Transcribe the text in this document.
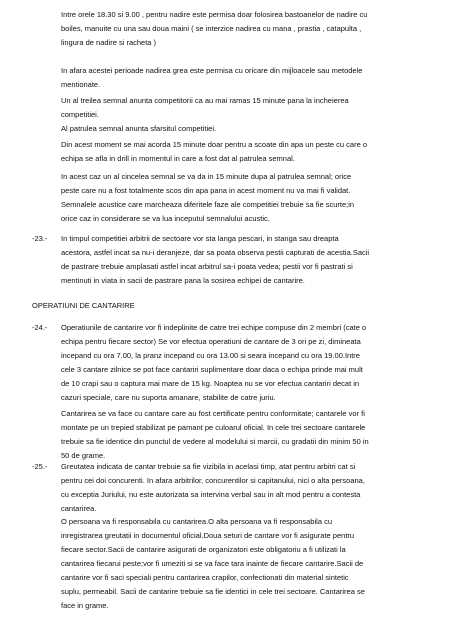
Intre orele 18.30 si 9.00 , pentru nadire este permisa doar folosirea bastoanelor de nadire cu
boiles, manuite cu una sau doua maini ( se interzice nadirea cu mana , prastia , catapulta ,
lingura de nadire si racheta )
In afara acestei perioade nadirea grea este permisa cu oricare din mijloacele sau metodele
mentionate.
Un al treilea semnal anunta competitorii ca au mai ramas 15 minute pana la incheierea
competitiei.
Al patrulea semnal anunta sfarsitul competitiei.
Din acest moment se mai acorda 15 minute doar pentru a scoate din apa un peste cu care o
echipa se afla in drill in momentul in care a fost dat al patrulea semnal.
In acest caz un al cincelea semnal se va da in 15 minute dupa al patrulea semnal; orice
peste care nu a fost totalmente scos din apa pana in acest moment nu va mai fi validat.
Semnalele acustice care marcheaza diferitele faze ale competitiei trebuie sa fie scurte;in
orice caz in considerare se va lua inceputul semnalului acustic.
In timpul competitiei arbitrii de sectoare vor sta langa pescari, in stanga sau dreapta
acestora, astfel incat sa nu-i deranjeze, dar sa poata observa pestii capturati de acestia.Sacii
de pastrare trebuie amplasati astfel incat arbitrul sa-i poata vedea; pestii vor fi pastrati si
mentinuti in viata in sacii de pastrare pana la sosirea echipei de cantarire.
-23.-
Operatiunile de cantarire vor fi indeplinite de catre trei echipe compuse din 2 membri (cate o
echipa pentru fiecare sector) Se vor efectua operatiuni de cantare de 3 ori pe zi, dimineata
incepand cu ora 7.00, la pranz incepand cu ora 13.00 si seara incepand cu ora 19.00.Intre
cele 3 cantare zilnice se pot face cantariri suplimentare doar daca o echipa prinde mai mult
de 10 crapi sau o captura mai mare de 15 kg. Noaptea nu se vor efectua cantariri decat in
cazuri speciale, care nu suporta amanare, stabilite de catre juriu.
-24.-
Cantarirea se va face cu cantare care au fost certificate pentru conformitate; cantarele vor fi
montate pe un trepied stabilizat pe pamant pe culoarul oficial. In cele trei sectoare cantarele
trebuie sa fie identice din punctul de vedere al modelului si marcii, cu gradatii din minim 50 in
50 de grame.
Greutatea indicata de cantar trebuie sa fie vizibila in acelasi timp, atat pentru arbitri cat si
pentru cei doi concurenti. In afara arbitrilor, concurentilor si capitanului, nici o alta persoana,
cu exceptia Juriului, nu este autorizata sa intervina verbal sau in alt mod pentru a contesta
cantarirea.
-25.-
O persoana va fi responsabila cu cantarirea.O alta persoana va fi responsabila cu
inregistrarea greutatii in documentul oficial.Doua seturi de cantare vor fi asigurate pentru
fiecare sector.Sacii de cantarire asigurati de organizatori este obligatoriu a fi utilizati la
cantarirea fiecarui peste;vor fi umeziti si se va face tara inainte de fiecare cantarire.Sacii de
cantarire vor fi saci speciali pentru cantarirea crapilor, confectionati din material sintetic
suplu, permeabil. Sacii de cantarire trebuie sa fie identici in cele trei sectoare. Cantarirea se
face in grame.
OPERATIUNI DE CANTARIRE
